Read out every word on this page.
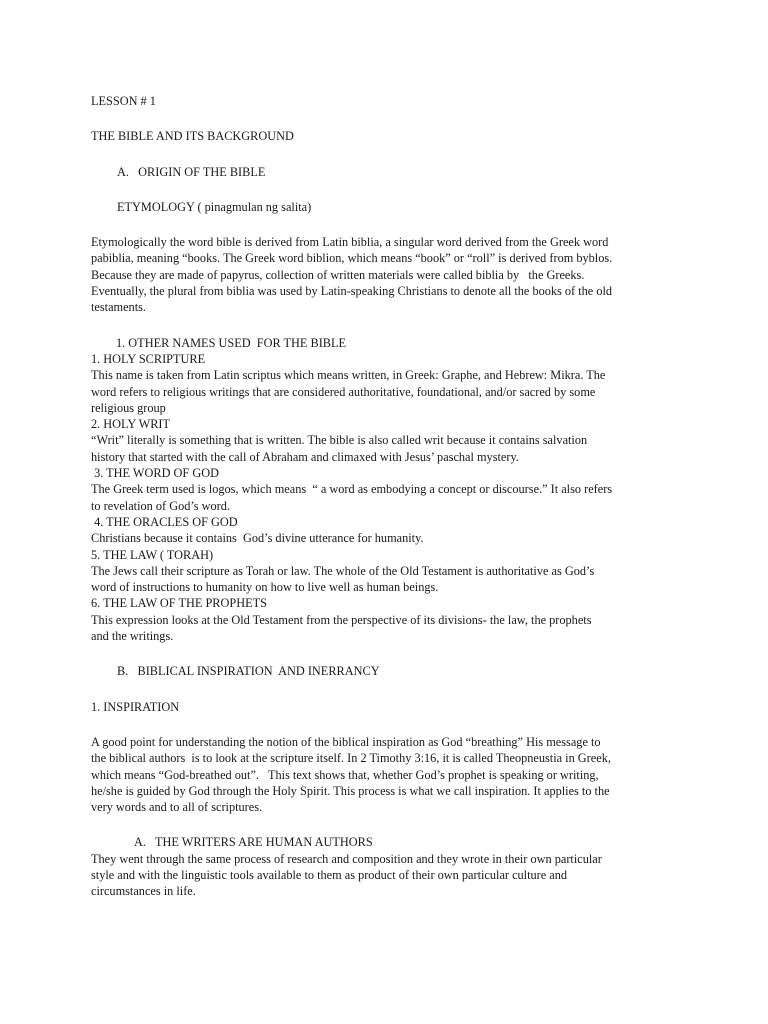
LESSON # 1
THE BIBLE AND ITS BACKGROUND
A.   ORIGIN OF THE BIBLE
ETYMOLOGY ( pinagmulan ng salita)
Etymologically the word bible is derived from Latin biblia, a singular word derived from the Greek word
pabiblia, meaning “books. The Greek word biblion, which means “book” or “roll” is derived from byblos.
Because they are made of papyrus, collection of written materials were called biblia by   the Greeks.
Eventually, the plural from biblia was used by Latin-speaking Christians to denote all the books of the old
testaments.
1. OTHER NAMES USED  FOR THE BIBLE
1. HOLY SCRIPTURE
This name is taken from Latin scriptus which means written, in Greek: Graphe, and Hebrew: Mikra. The
word refers to religious writings that are considered authoritative, foundational, and/or sacred by some
religious group
2. HOLY WRIT
“Writ” literally is something that is written. The bible is also called writ because it contains salvation
history that started with the call of Abraham and climaxed with Jesus’ paschal mystery.
3. THE WORD OF GOD
The Greek term used is logos, which means  “ a word as embodying a concept or discourse.” It also refers
to revelation of God’s word.
4. THE ORACLES OF GOD
Christians because it contains  God’s divine utterance for humanity.
5. THE LAW ( TORAH)
The Jews call their scripture as Torah or law. The whole of the Old Testament is authoritative as God’s
word of instructions to humanity on how to live well as human beings.
6. THE LAW OF THE PROPHETS
This expression looks at the Old Testament from the perspective of its divisions- the law, the prophets
and the writings.
B.   BIBLICAL INSPIRATION  AND INERRANCY
1. INSPIRATION
A good point for understanding the notion of the biblical inspiration as God “breathing” His message to
the biblical authors  is to look at the scripture itself. In 2 Timothy 3:16, it is called Theopneustia in Greek,
which means “God-breathed out”.   This text shows that, whether God’s prophet is speaking or writing,
he/she is guided by God through the Holy Spirit. This process is what we call inspiration. It applies to the
very words and to all of scriptures.
A.   THE WRITERS ARE HUMAN AUTHORS
They went through the same process of research and composition and they wrote in their own particular
style and with the linguistic tools available to them as product of their own particular culture and
circumstances in life.
